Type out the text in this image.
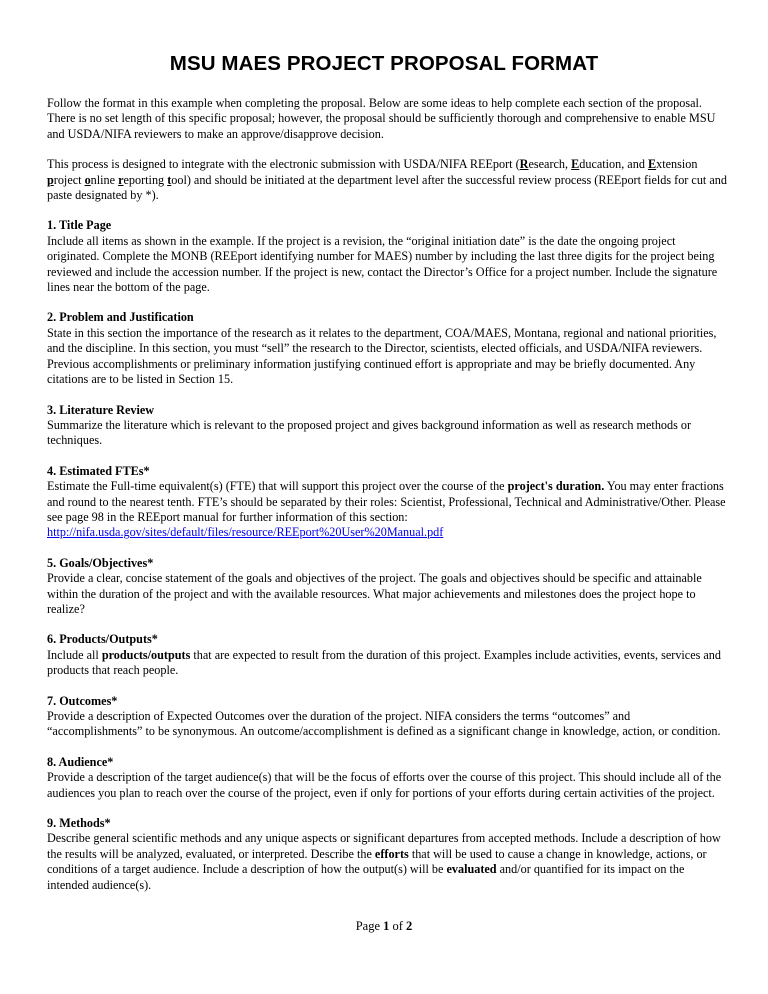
MSU MAES PROJECT PROPOSAL FORMAT

Follow the format in this example when completing the proposal. Below are some ideas to help complete each section of the proposal. There is no set length of this specific proposal; however, the proposal should be sufficiently thorough and comprehensive to enable MSU and USDA/NIFA reviewers to make an approve/disapprove decision.

This process is designed to integrate with the electronic submission with USDA/NIFA REEport (Research, Education, and Extension project online reporting tool) and should be initiated at the department level after the successful review process (REEport fields for cut and paste designated by *).

1. Title Page

Include all items as shown in the example. If the project is a revision, the “original initiation date” is the date the ongoing project originated. Complete the MONB (REEport identifying number for MAES) number by including the last three digits for the project being reviewed and include the accession number. If the project is new, contact the Director’s Office for a project number. Include the signature lines near the bottom of the page.

2. Problem and Justification

State in this section the importance of the research as it relates to the department, COA/MAES, Montana, regional and national priorities, and the discipline. In this section, you must “sell” the research to the Director, scientists, elected officials, and USDA/NIFA reviewers. Previous accomplishments or preliminary information justifying continued effort is appropriate and may be briefly documented. Any citations are to be listed in Section 15.

3. Literature Review

Summarize the literature which is relevant to the proposed project and gives background information as well as research methods or techniques.

4. Estimated FTEs*

Estimate the Full-time equivalent(s) (FTE) that will support this project over the course of the project's duration. You may enter fractions and round to the nearest tenth. FTE’s should be separated by their roles: Scientist, Professional, Technical and Administrative/Other. Please see page 98 in the REEport manual for further information of this section:

http://nifa.usda.gov/sites/default/files/resource/REEport%20User%20Manual.pdf

5. Goals/Objectives*

Provide a clear, concise statement of the goals and objectives of the project. The goals and objectives should be specific and attainable within the duration of the project and with the available resources. What major achievements and milestones does the project hope to realize?

6. Products/Outputs*

Include all products/outputs that are expected to result from the duration of this project. Examples include activities, events, services and products that reach people.

7. Outcomes*

Provide a description of Expected Outcomes over the duration of the project. NIFA considers the terms “outcomes” and “accomplishments” to be synonymous. An outcome/accomplishment is defined as a significant change in knowledge, action, or condition.

8. Audience*

Provide a description of the target audience(s) that will be the focus of efforts over the course of this project. This should include all of the audiences you plan to reach over the course of the project, even if only for portions of your efforts during certain activities of the project.

9. Methods*

Describe general scientific methods and any unique aspects or significant departures from accepted methods. Include a description of how the results will be analyzed, evaluated, or interpreted. Describe the efforts that will be used to cause a change in knowledge, actions, or conditions of a target audience. Include a description of how the output(s) will be evaluated and/or quantified for its impact on the intended audience(s).

Page 1 of 2
